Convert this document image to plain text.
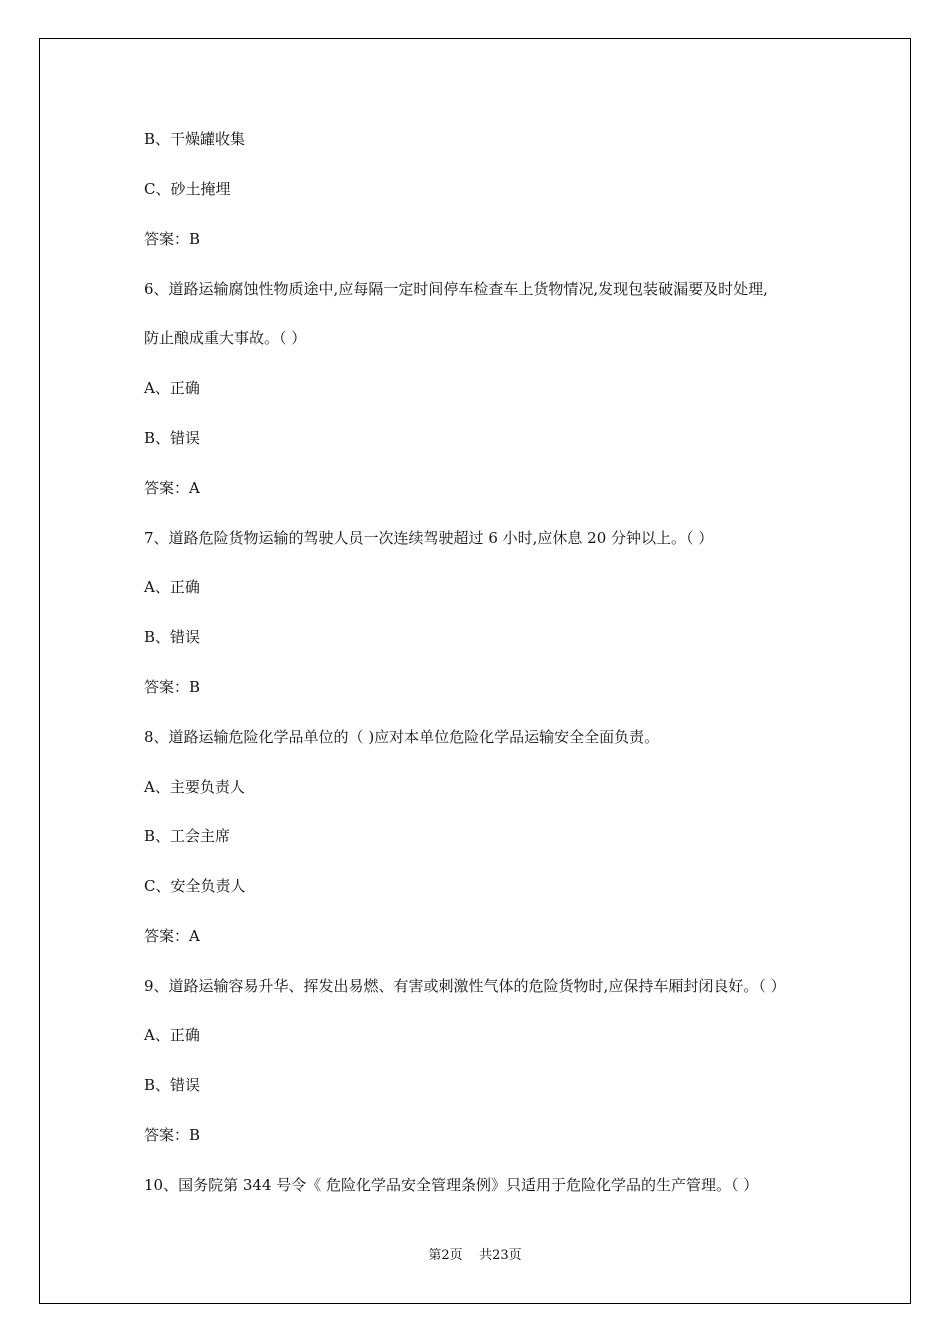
B、干燥罐收集
C、砂土掩埋
答案：B
6、道路运输腐蚀性物质途中,应每隔一定时间停车检查车上货物情况,发现包装破漏要及时处理,
防止酿成重大事故。（ ）
A、正确
B、错误
答案：A
7、道路危险货物运输的驾驶人员一次连续驾驶超过 6 小时,应休息 20 分钟以上。（ ）
A、正确
B、错误
答案：B
8、道路运输危险化学品单位的（ )应对本单位危险化学品运输安全全面负责。
A、主要负责人
B、工会主席
C、安全负责人
答案：A
9、道路运输容易升华、挥发出易燃、有害或刺激性气体的危险货物时,应保持车厢封闭良好。（ ）
A、正确
B、错误
答案：B
10、国务院第 344 号令《 危险化学品安全管理条例》只适用于危险化学品的生产管理。（ ）
第2页 共23页
